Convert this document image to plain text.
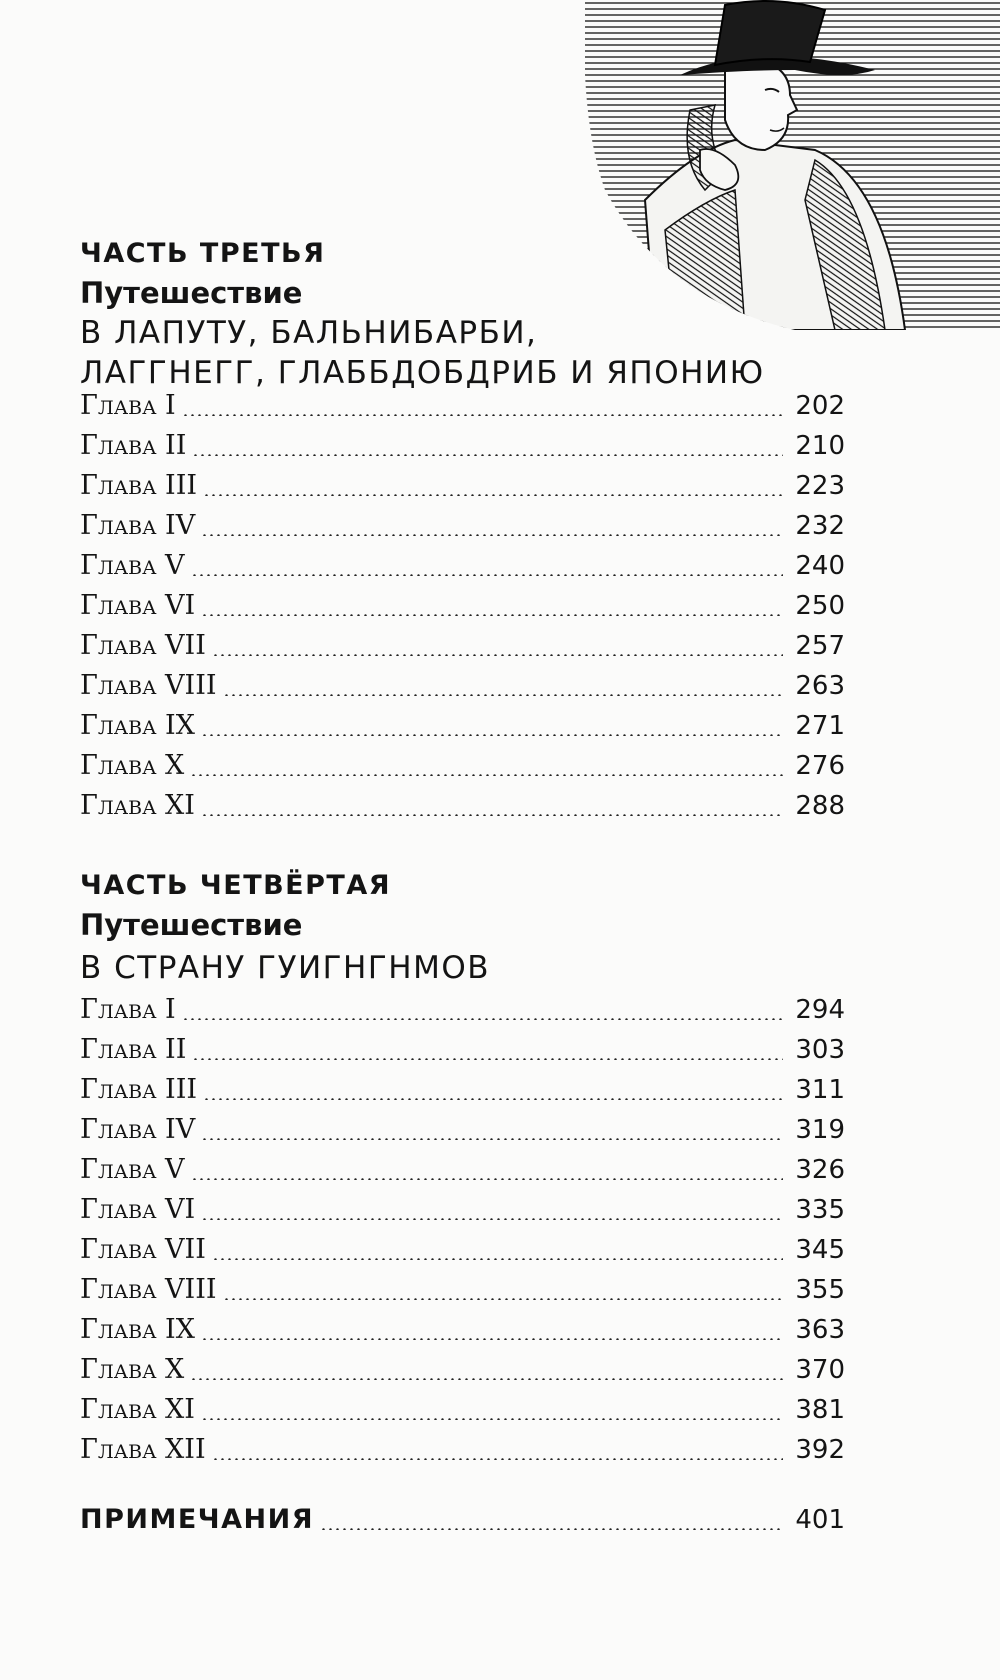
ЧАСТЬ ТРЕТЬЯ
Путешествие
В ЛАПУТУ, БАЛЬНИБАРБИ,
ЛАГГНЕГГ, ГЛАББДОБДРИБ И ЯПОНИЮ
Глава I	202
Глава II	210
Глава III	223
Глава IV	232
Глава V	240
Глава VI	250
Глава VII	257
Глава VIII	263
Глава IX	271
Глава X	276
Глава XI	288
ЧАСТЬ ЧЕТВЁРТАЯ
Путешествие
В СТРАНУ ГУИГНГНМОВ
Глава I	294
Глава II	303
Глава III	311
Глава IV	319
Глава V	326
Глава VI	335
Глава VII	345
Глава VIII	355
Глава IX	363
Глава X	370
Глава XI	381
Глава XII	392
ПРИМЕЧАНИЯ	401
